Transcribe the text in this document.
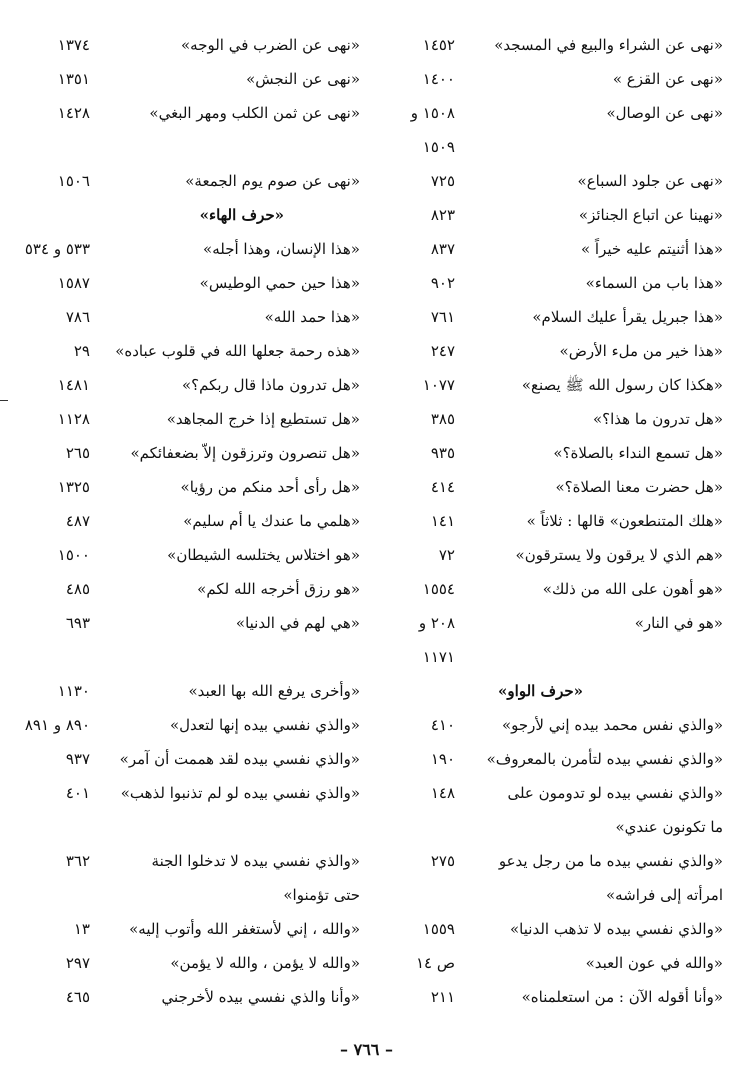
«نهى عن الشراء والبيع في المسجد»
١٤٥٢
«نهى عن القزع »
١٤٠٠
«نهى عن الوصال»
١٥٠٨ و
١٥٠٩
«نهى عن جلود السباع»
٧٢٥
«نهينا عن اتباع الجنائز»
٨٢٣
«هذا أثنيتم عليه خيراً »
٨٣٧
«هذا باب من السماء»
٩٠٢
«هذا جبريل يقرأ عليك السلام»
٧٦١
«هذا خير من ملء الأرض»
٢٤٧
«هكذا كان رسول الله ﷺ يصنع»
١٠٧٧
«هل تدرون ما هذا؟»
٣٨٥
«هل تسمع النداء بالصلاة؟»
٩٣٥
«هل حضرت معنا الصلاة؟»
٤١٤
«هلك المتنطعون» قالها : ثلاثاً »
١٤١
«هم الذي لا يرقون ولا يسترقون»
٧٢
«هو أهون على الله من ذلك»
١٥٥٤
«هو في النار»
٢٠٨ و
١١٧١
«حرف الواو»
«والذي نفس محمد بيده إني لأرجو»
٤١٠
«والذي نفسي بيده لتأمرن بالمعروف»
١٩٠
«والذي نفسي بيده لو تدومون على
١٤٨
ما تكونون عندي»
«والذي نفسي بيده ما من رجل يدعو
٢٧٥
امرأته إلى فراشه»
«والذي نفسي بيده لا تذهب الدنيا»
١٥٥٩
«والله في عون العبد»
ص ١٤
«وأنا أقوله الآن : من استعلمناه»
٢١١
«نهى عن الضرب في الوجه»
١٣٧٤
«نهى عن النجش»
١٣٥١
«نهى عن ثمن الكلب ومهر البغي»
١٤٢٨
«نهى عن صوم يوم الجمعة»
١٥٠٦
«حرف الهاء»
«هذا الإنسان، وهذا أجله»
٥٣٣ و ٥٣٤
«هذا حين حمي الوطيس»
١٥٨٧
«هذا حمد الله»
٧٨٦
«هذه رحمة جعلها الله في قلوب عباده»
٢٩
«هل تدرون ماذا قال ربكم؟»
١٤٨١
«هل تستطيع إذا خرج المجاهد»
١١٢٨
«هل تنصرون وترزقون إلاّ بضعفائكم»
٢٦٥
«هل رأى أحد منكم من رؤيا»
١٣٢٥
«هلمي ما عندك يا أم سليم»
٤٨٧
«هو اختلاس يختلسه الشيطان»
١٥٠٠
«هو رزق أخرجه الله لكم»
٤٨٥
«هي لهم في الدنيا»
٦٩٣
«وأخرى يرفع الله بها العبد»
١١٣٠
«والذي نفسي بيده إنها لتعدل»
٨٩٠ و ٨٩١
«والذي نفسي بيده لقد هممت أن آمر»
٩٣٧
«والذي نفسي بيده لو لم تذنبوا لذهب»
٤٠١
«والذي نفسي بيده لا تدخلوا الجنة
٣٦٢
حتى تؤمنوا»
«والله ، إني لأستغفر الله وأتوب إليه»
١٣
«والله لا يؤمن ، والله لا يؤمن»
٢٩٧
«وأنا والذي نفسي بيده لأخرجني
٤٦٥
– ٧٦٦ –
